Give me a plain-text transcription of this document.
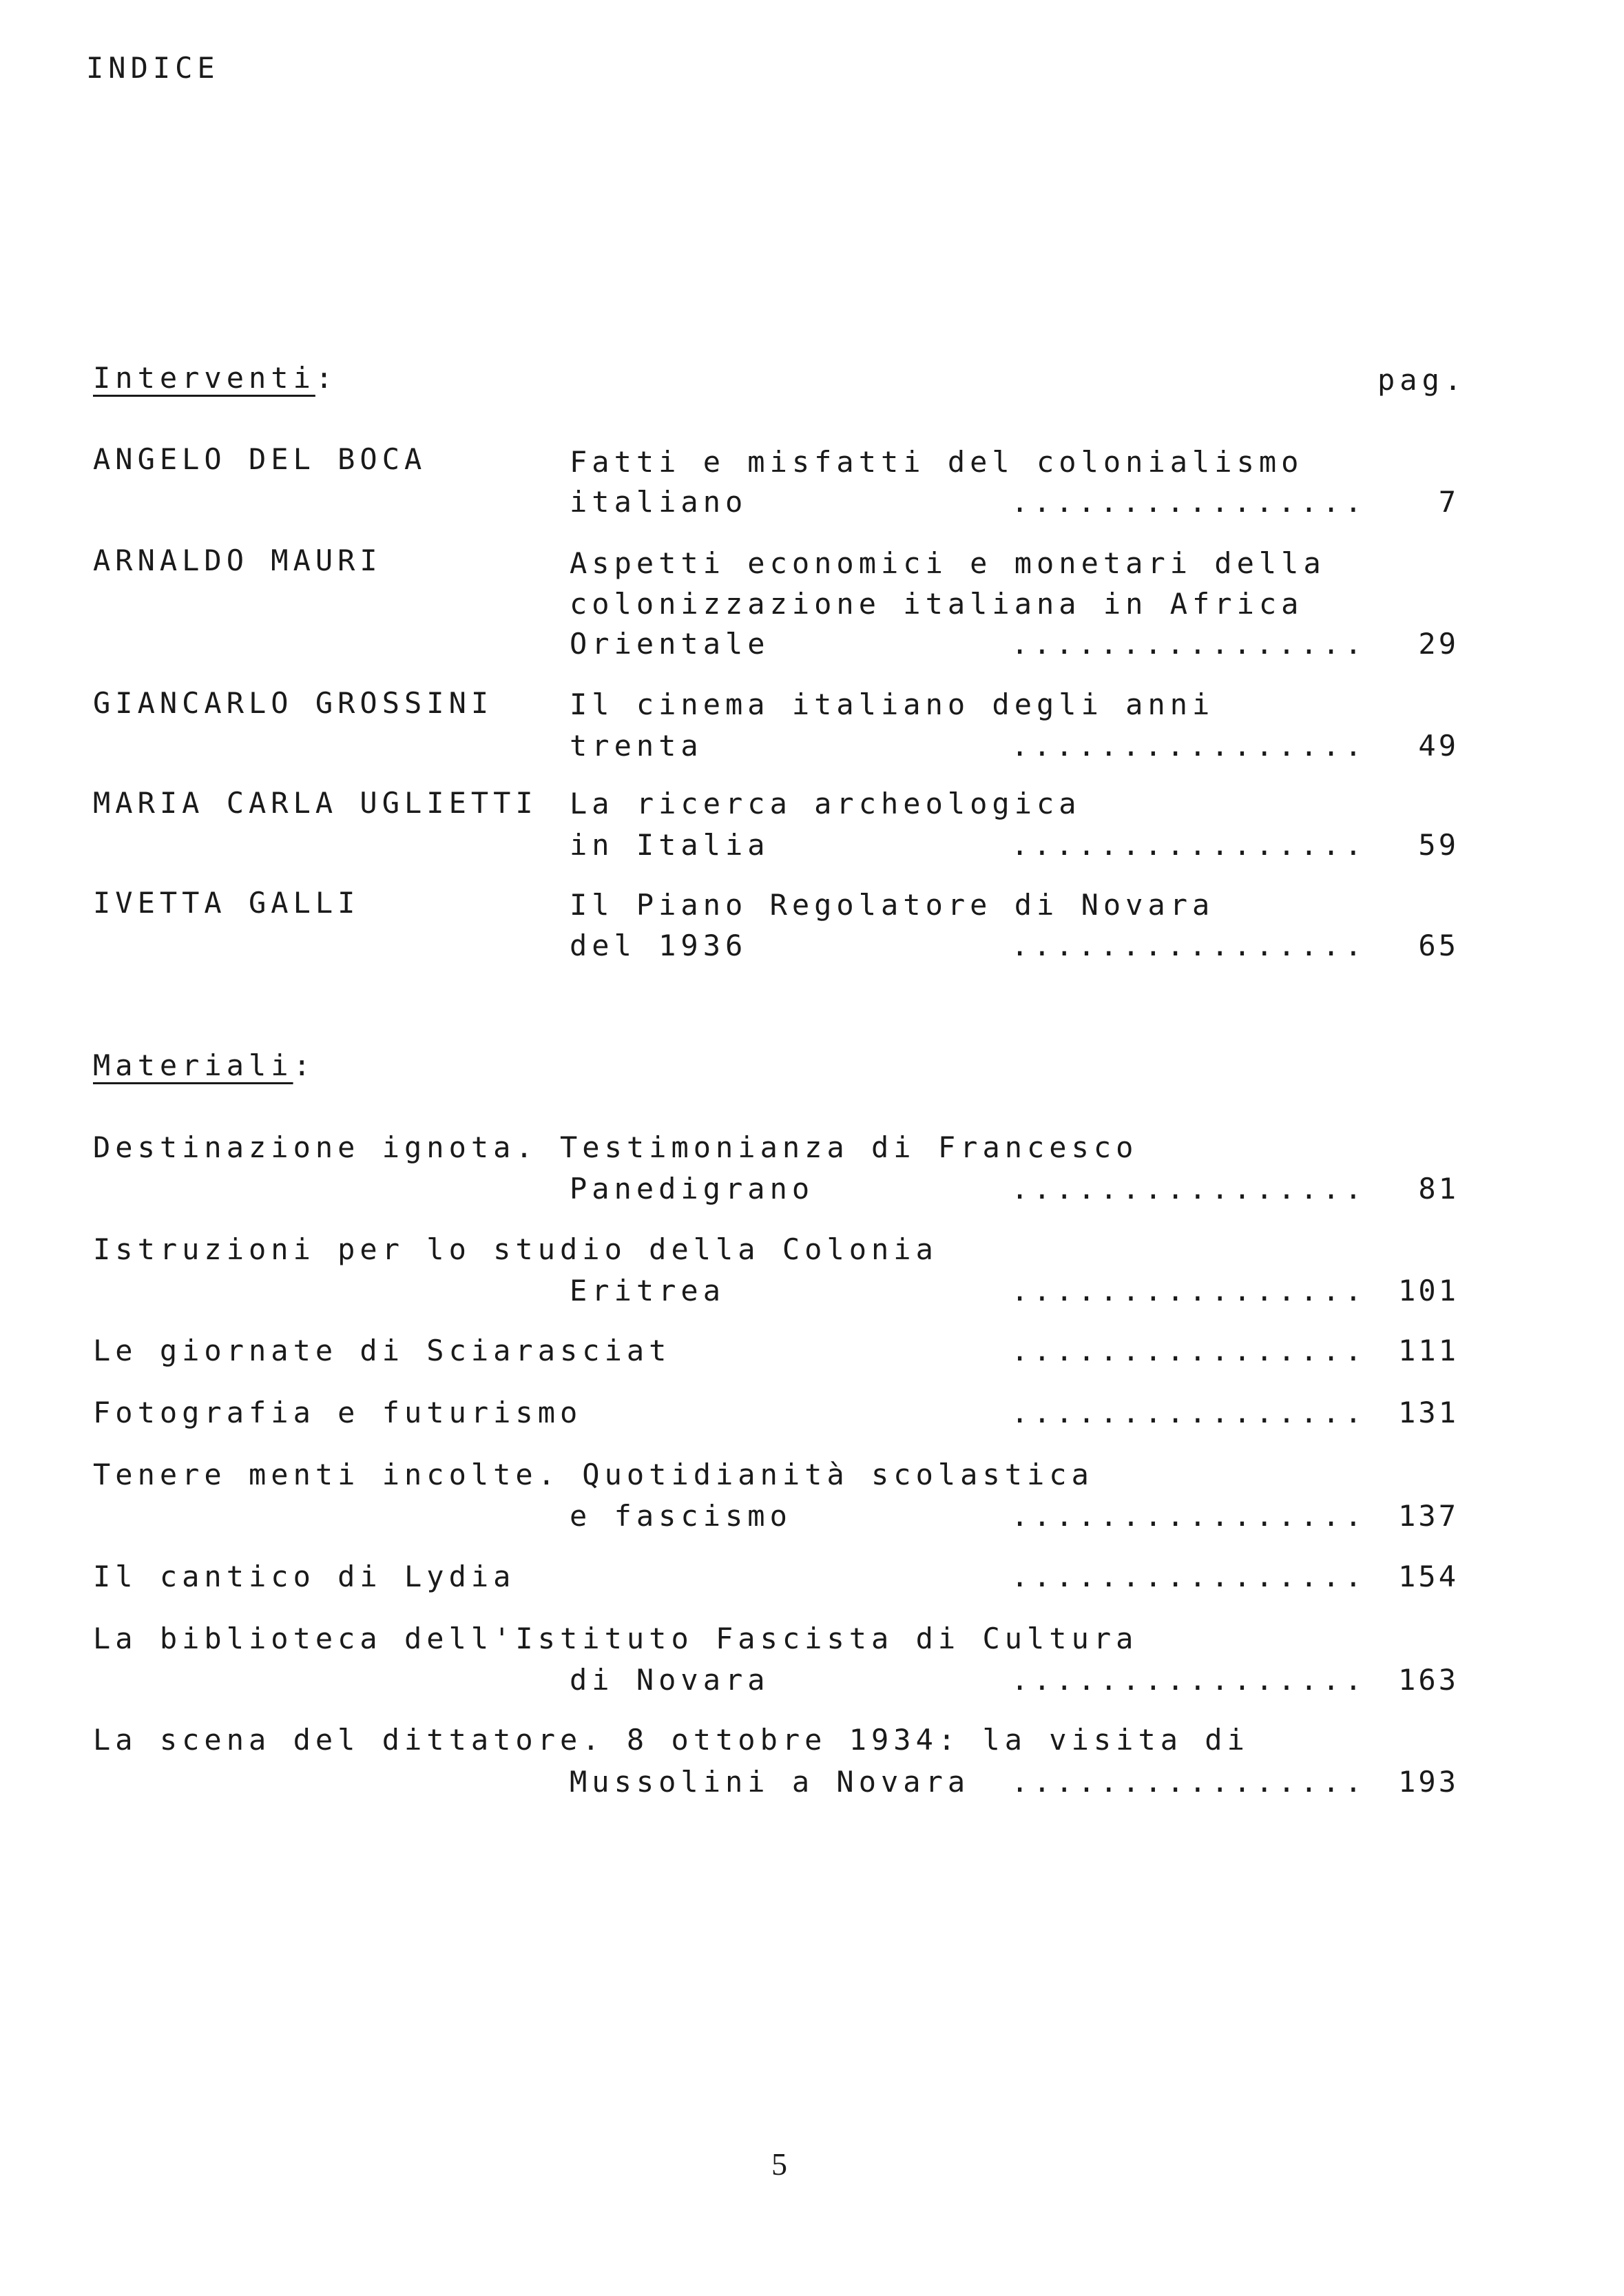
INDICE
Interventi:	pag.
ANGELO DEL BOCA	Fatti e misfatti del colonialismo
italiano	................ 7
ARNALDO MAURI	Aspetti economici e monetari della
colonizzazione italiana in Africa
Orientale	................ 29
GIANCARLO GROSSINI	Il cinema italiano degli anni
trenta	................ 49
MARIA CARLA UGLIETTI La ricerca archeologica
in Italia	................ 59
IVETTA GALLI	Il Piano Regolatore di Novara
del 1936	................ 65
Materiali:
Destinazione ignota. Testimonianza di Francesco
Panedigrano	................ 81
Istruzioni per lo studio della Colonia
Eritrea	................ 101
Le giornate di Sciarasciat	................ 111
Fotografia e futurismo	................ 131
Tenere menti incolte. Quotidianità scolastica
e fascismo	................ 137
Il cantico di Lydia	................ 154
La biblioteca dell'Istituto Fascista di Cultura
di Novara	................ 163
La scena del dittatore. 8 ottobre 1934: la visita di
Mussolini a Novara ................ 193
5
